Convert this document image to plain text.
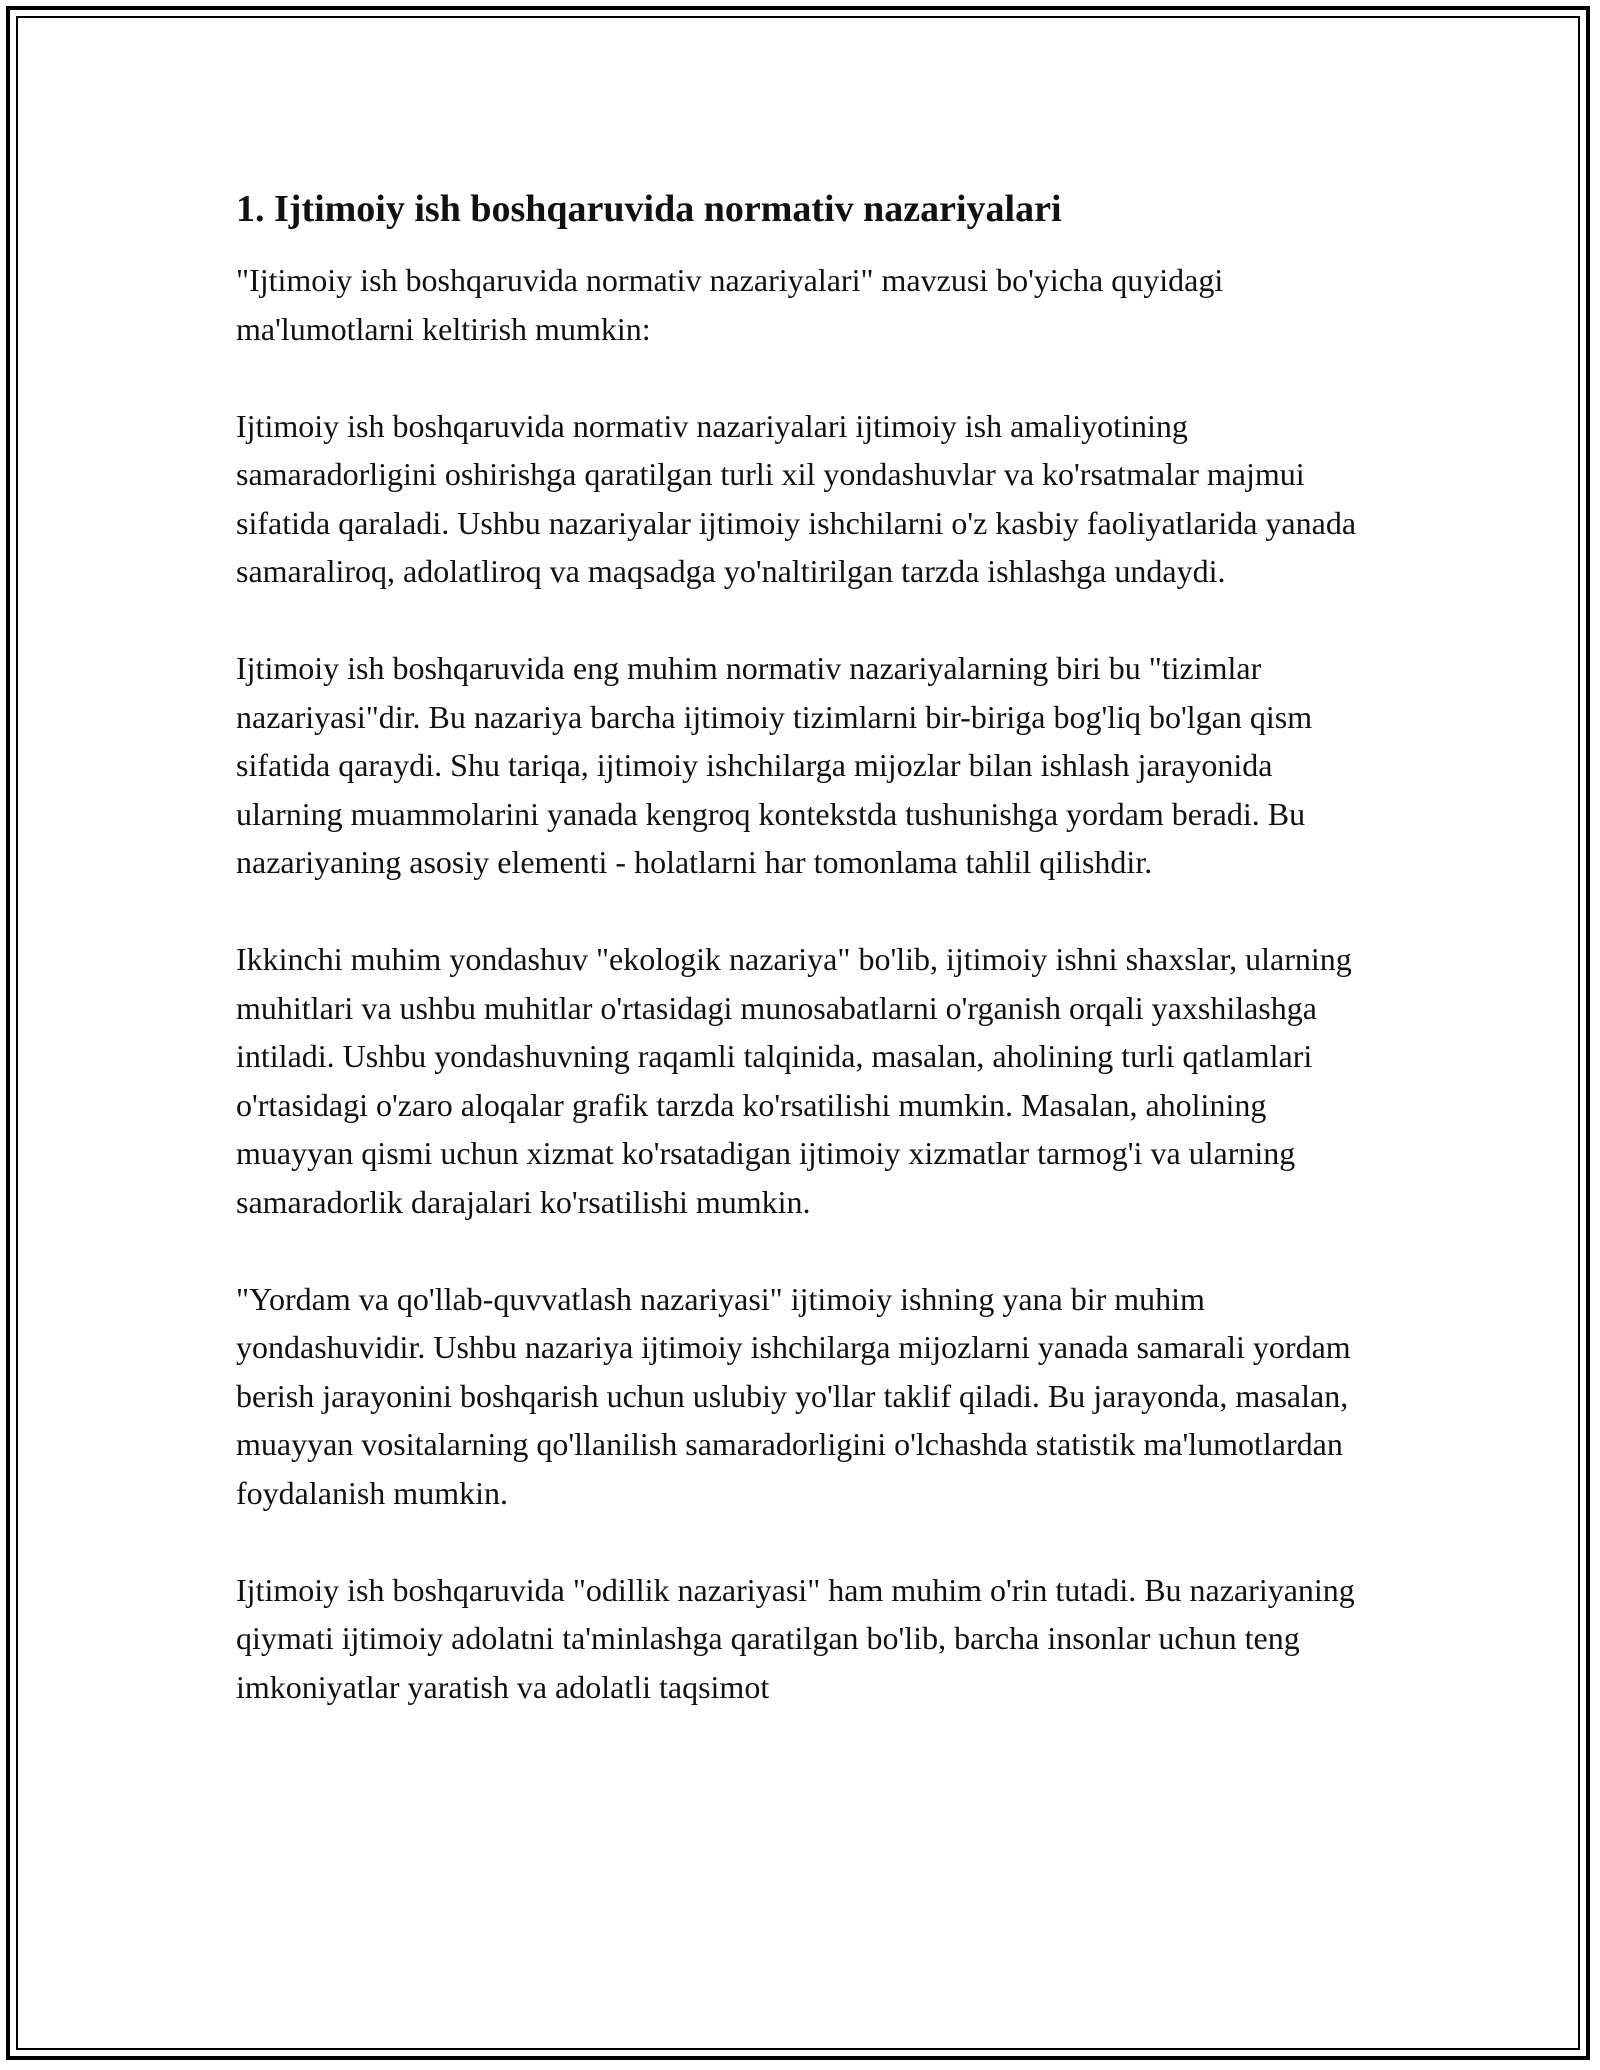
1. Ijtimoiy ish boshqaruvida normativ nazariyalari

"Ijtimoiy ish boshqaruvida normativ nazariyalari" mavzusi bo'yicha quyidagi ma'lumotlarni keltirish mumkin:

Ijtimoiy ish boshqaruvida normativ nazariyalari ijtimoiy ish amaliyotining samaradorligini oshirishga qaratilgan turli xil yondashuvlar va ko'rsatmalar majmui sifatida qaraladi. Ushbu nazariyalar ijtimoiy ishchilarni o'z kasbiy faoliyatlarida yanada samaraliroq, adolatliroq va maqsadga yo'naltirilgan tarzda ishlashga undaydi.

Ijtimoiy ish boshqaruvida eng muhim normativ nazariyalarning biri bu "tizimlar nazariyasi"dir. Bu nazariya barcha ijtimoiy tizimlarni bir-biriga bog'liq bo'lgan qism sifatida qaraydi. Shu tariqa, ijtimoiy ishchilarga mijozlar bilan ishlash jarayonida ularning muammolarini yanada kengroq kontekstda tushunishga yordam beradi. Bu nazariyaning asosiy elementi - holatlarni har tomonlama tahlil qilishdir.

Ikkinchi muhim yondashuv "ekologik nazariya" bo'lib, ijtimoiy ishni shaxslar, ularning muhitlari va ushbu muhitlar o'rtasidagi munosabatlarni o'rganish orqali yaxshilashga intiladi. Ushbu yondashuvning raqamli talqinida, masalan, aholining turli qatlamlari o'rtasidagi o'zaro aloqalar grafik tarzda ko'rsatilishi mumkin. Masalan, aholining muayyan qismi uchun xizmat ko'rsatadigan ijtimoiy xizmatlar tarmog'i va ularning samaradorlik darajalari ko'rsatilishi mumkin.

"Yordam va qo'llab-quvvatlash nazariyasi" ijtimoiy ishning yana bir muhim yondashuvidir. Ushbu nazariya ijtimoiy ishchilarga mijozlarni yanada samarali yordam berish jarayonini boshqarish uchun uslubiy yo'llar taklif qiladi. Bu jarayonda, masalan, muayyan vositalarning qo'llanilish samaradorligini o'lchashda statistik ma'lumotlardan foydalanish mumkin.

Ijtimoiy ish boshqaruvida "odillik nazariyasi" ham muhim o'rin tutadi. Bu nazariyaning qiymati ijtimoiy adolatni ta'minlashga qaratilgan bo'lib, barcha insonlar uchun teng imkoniyatlar yaratish va adolatli taqsimot
